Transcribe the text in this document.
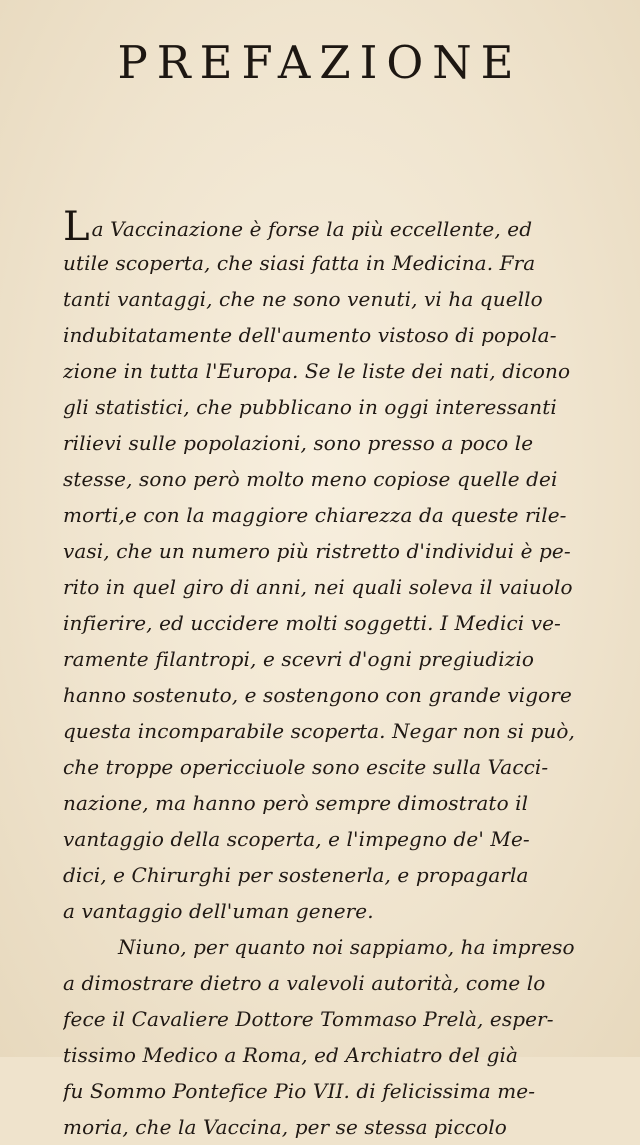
PREFAZIONE
La Vaccinazione è forse la più eccellente, ed
utile scoperta, che siasi fatta in Medicina. Fra
tanti vantaggi, che ne sono venuti, vi ha quello
indubitatamente dell'aumento vistoso di popola-
zione in tutta l'Europa. Se le liste dei nati, dicono
gli statistici, che pubblicano in oggi interessanti
rilievi sulle popolazioni, sono presso a poco le
stesse, sono però molto meno copiose quelle dei
morti,e con la maggiore chiarezza da queste rile-
vasi, che un numero più ristretto d'individui è pe-
rito in quel giro di anni, nei quali soleva il vaiuolo
infierire, ed uccidere molti soggetti. I Medici ve-
ramente filantropi, e scevri d'ogni pregiudizio
hanno sostenuto, e sostengono con grande vigore
questa incomparabile scoperta. Negar non si può,
che troppe opericciuole sono escite sulla Vacci-
nazione, ma hanno però sempre dimostrato il
vantaggio della scoperta, e l'impegno de' Me-
dici, e Chirurghi per sostenerla, e propagarla
a vantaggio dell'uman genere.
Niuno, per quanto noi sappiamo, ha impreso
a dimostrare dietro a valevoli autorità, come lo
fece il Cavaliere Dottore Tommaso Prelà, esper-
tissimo Medico a Roma, ed Archiatro del già
fu Sommo Pontefice Pio VII. di felicissima me-
moria, che la Vaccina, per se stessa piccolo
